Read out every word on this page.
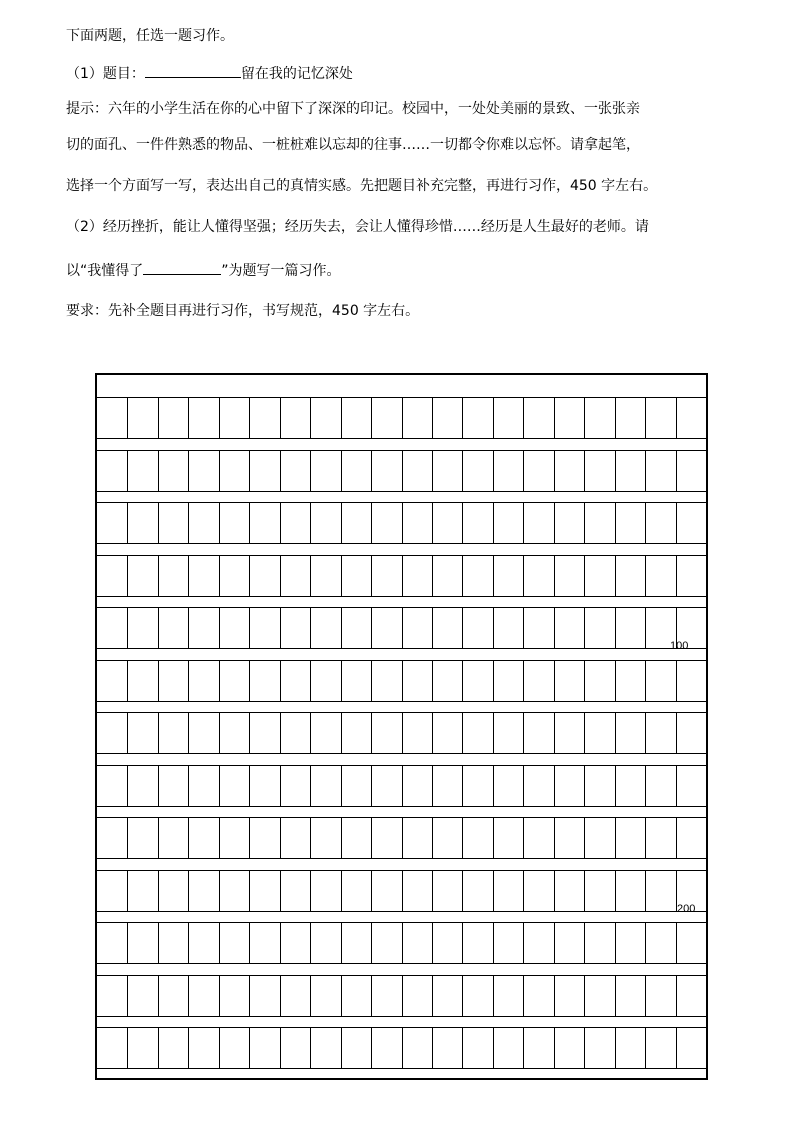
下面两题，任选一题习作。
（1）题目：	留在我的记忆深处
提示：六年的小学生活在你的心中留下了深深的印记。校园中，一处处美丽的景致、一张张亲
切的面孔、一件件熟悉的物品、一桩桩难以忘却的往事……一切都令你难以忘怀。请拿起笔，
选择一个方面写一写，表达出自己的真情实感。先把题目补充完整，再进行习作，450 字左右。
（2）经历挫折，能让人懂得坚强；经历失去，会让人懂得珍惜……经历是人生最好的老师。请
以“我懂得了	”为题写一篇习作。
要求：先补全题目再进行习作，书写规范，450 字左右。
100
200
